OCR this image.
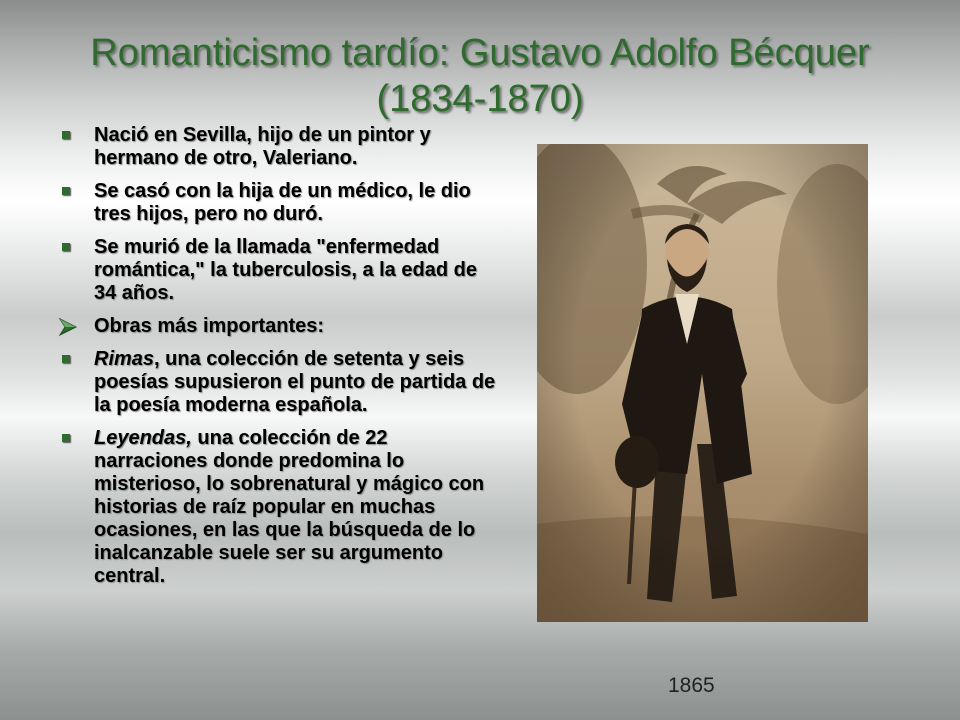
Romanticismo tardío: Gustavo Adolfo Bécquer (1834-1870)
Nació en Sevilla, hijo de un pintor y hermano de otro, Valeriano.
Se casó con la hija de un médico, le dio tres hijos, pero no duró.
Se murió de la llamada "enfermedad romántica," la tuberculosis, a la edad de 34 años.
Obras más importantes:
Rimas, una colección de setenta y seis poesías supusieron el punto de partida de la poesía moderna española.
Leyendas, una colección de 22 narraciones donde predomina lo misterioso, lo sobrenatural y mágico con historias de raíz popular en muchas ocasiones, en las que la búsqueda de lo inalcanzable suele ser su argumento central.
1865
